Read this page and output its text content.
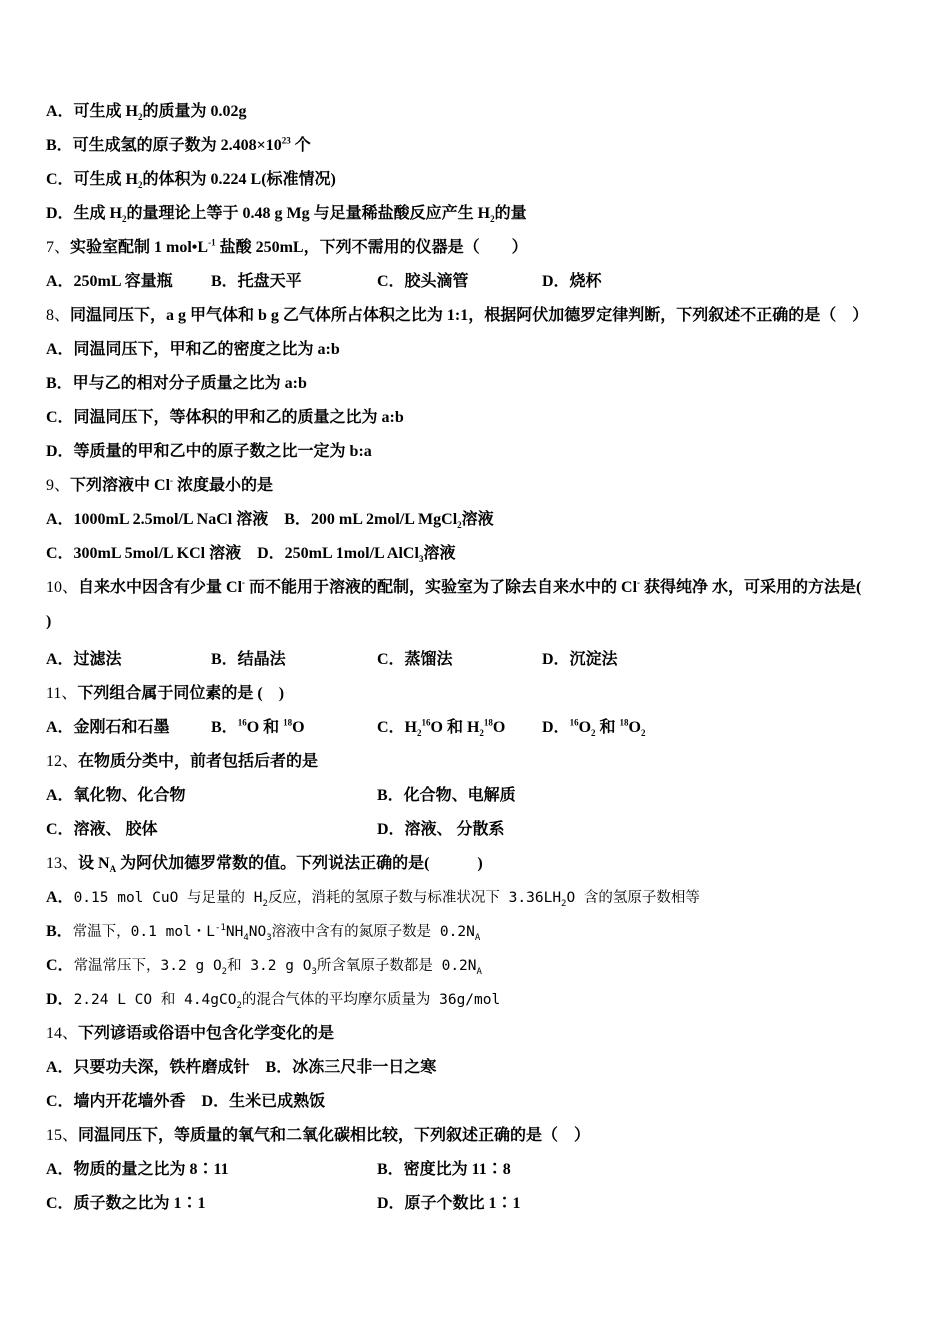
A．可生成 $H_2$的质量为 0.02g
B．可生成氢的原子数为 $2.408\times 10^{23}$ 个
C．可生成 $H_2$的体积为 0.224 L(标准情况)
D．生成 $H_2$的量理论上等于 0.48 g Mg 与足量稀盐酸反应产生 $H_2$的量
7、实验室配制 1 $mol•L^{-1}$ 盐酸 250mL，下列不需用的仪器是（　　）
A．250mL 容量瓶 B．托盘天平	C．胶头滴管	D．烧杯
8、同温同压下，a g 甲气体和 b g 乙气体所占体积之比为 1:1，根据阿伏加德罗定律判断，下列叙述不正确的是（　）
A．同温同压下，甲和乙的密度之比为 a:b
B．甲与乙的相对分子质量之比为 a:b
C．同温同压下，等体积的甲和乙的质量之比为 a:b
D．等质量的甲和乙中的原子数之比一定为 b:a
9、下列溶液中 Cl- 浓度最小的是
A．1000mL 2.5mol/L NaCl 溶液　B．200 mL 2mol/L MgCl$_2$溶液
C．300mL 5mol/L KCl 溶液　D．250mL 1mol/L AlCl$_3$溶液
10、自来水中因含有少量 Cl- 而不能用于溶液的配制，实验室为了除去自来水中的 Cl- 获得纯净 水，可采用的方法是(
)
A．过滤法	B．结晶法	C．蒸馏法	D．沉淀法
11、下列组合属于同位素的是 (　)
A．金刚石和石墨	B．$^{16}$O 和 $^{18}$O	C．$H_2^{16}O$ 和 $H_2^{18}O$ D．$^{16}O_2$ 和 $^{18}O_2$
12、在物质分类中，前者包括后者的是
A．氧化物、化合物	B．化合物、电解质
C．溶液、 胶体	D．溶液、 分散系
13、设 $N_A$ 为阿伏加德罗常数的值。下列说法正确的是(　　　)
A．0.15 mol CuO 与足量的 $H_2$反应，消耗的氢原子数与标准状况下 $3.36LH_2O$ 含的氢原子数相等
B．常温下，0.1 mol・$L^{-1}NH_4NO_3$溶液中含有的氮原子数是 $0.2N_A$
C．常温常压下，3.2 g $O_2$和 3.2 g $O_3$所含氧原子数都是 $0.2N_A$
D．2.24 L CO 和 4.4gCO$_2$的混合气体的平均摩尔质量为 36g/mol
14、下列谚语或俗语中包含化学变化的是
A．只要功夫深，铁杵磨成针　B．冰冻三尺非一日之寒
C．墙内开花墙外香　D．生米已成熟饭
15、同温同压下，等质量的氧气和二氧化碳相比较，下列叙述正确的是（　）
A．物质的量之比为 8∶11	B．密度比为 11∶8
C．质子数之比为 1∶1	D．原子个数比 1∶1
